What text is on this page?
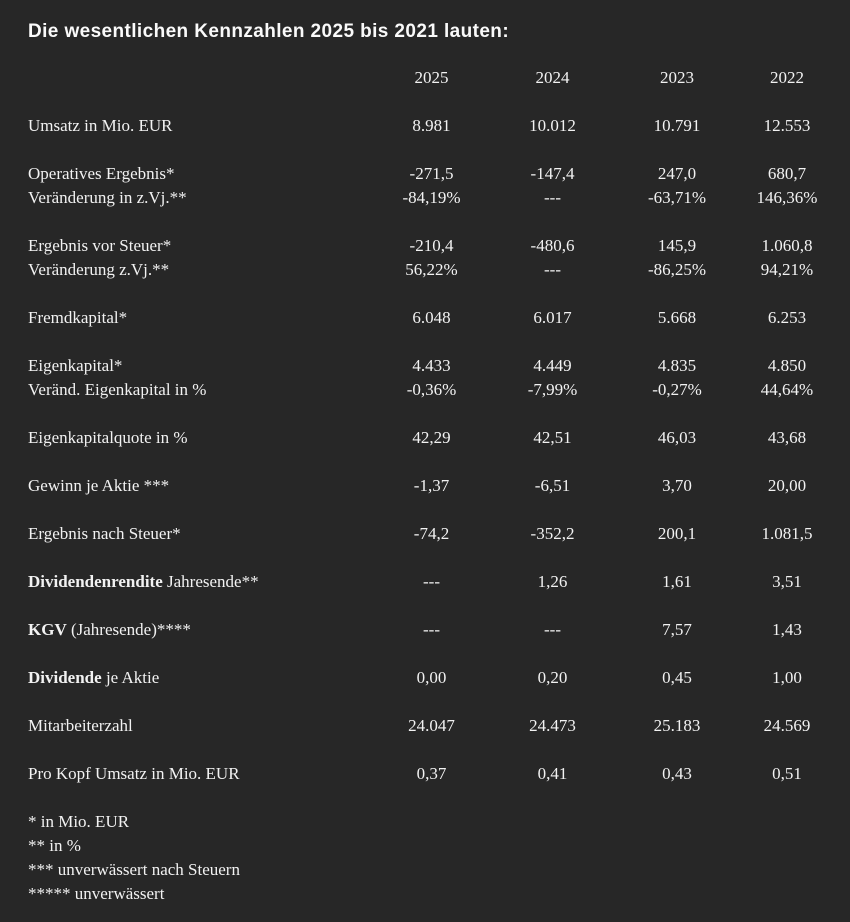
Die wesentlichen Kennzahlen 2025 bis 2021 lauten:
2025	2024	2023	2022
Umsatz in Mio. EUR	8.981	10.012	10.791	12.553
Operatives Ergebnis*	-271,5	-147,4	247,0	680,7
Veränderung in z.Vj.**	-84,19%	---	-63,71%	146,36%
Ergebnis vor Steuer*	-210,4	-480,6	145,9	1.060,8
Veränderung z.Vj.**	56,22%	---	-86,25%	94,21%
Fremdkapital*	6.048	6.017	5.668	6.253
Eigenkapital*	4.433	4.449	4.835	4.850
Veränd. Eigenkapital in %	-0,36%	-7,99%	-0,27%	44,64%
Eigenkapitalquote in %	42,29	42,51	46,03	43,68
Gewinn je Aktie ***	-1,37	-6,51	3,70	20,00
Ergebnis nach Steuer*	-74,2	-352,2	200,1	1.081,5
Dividendenrendite Jahresende**	---	1,26	1,61	3,51
KGV (Jahresende)****	---	---	7,57	1,43
Dividende je Aktie	0,00	0,20	0,45	1,00
Mitarbeiterzahl	24.047	24.473	25.183	24.569
Pro Kopf Umsatz in Mio. EUR	0,37	0,41	0,43	0,51
* in Mio. EUR
** in %
*** unverwässert nach Steuern
***** unverwässert
